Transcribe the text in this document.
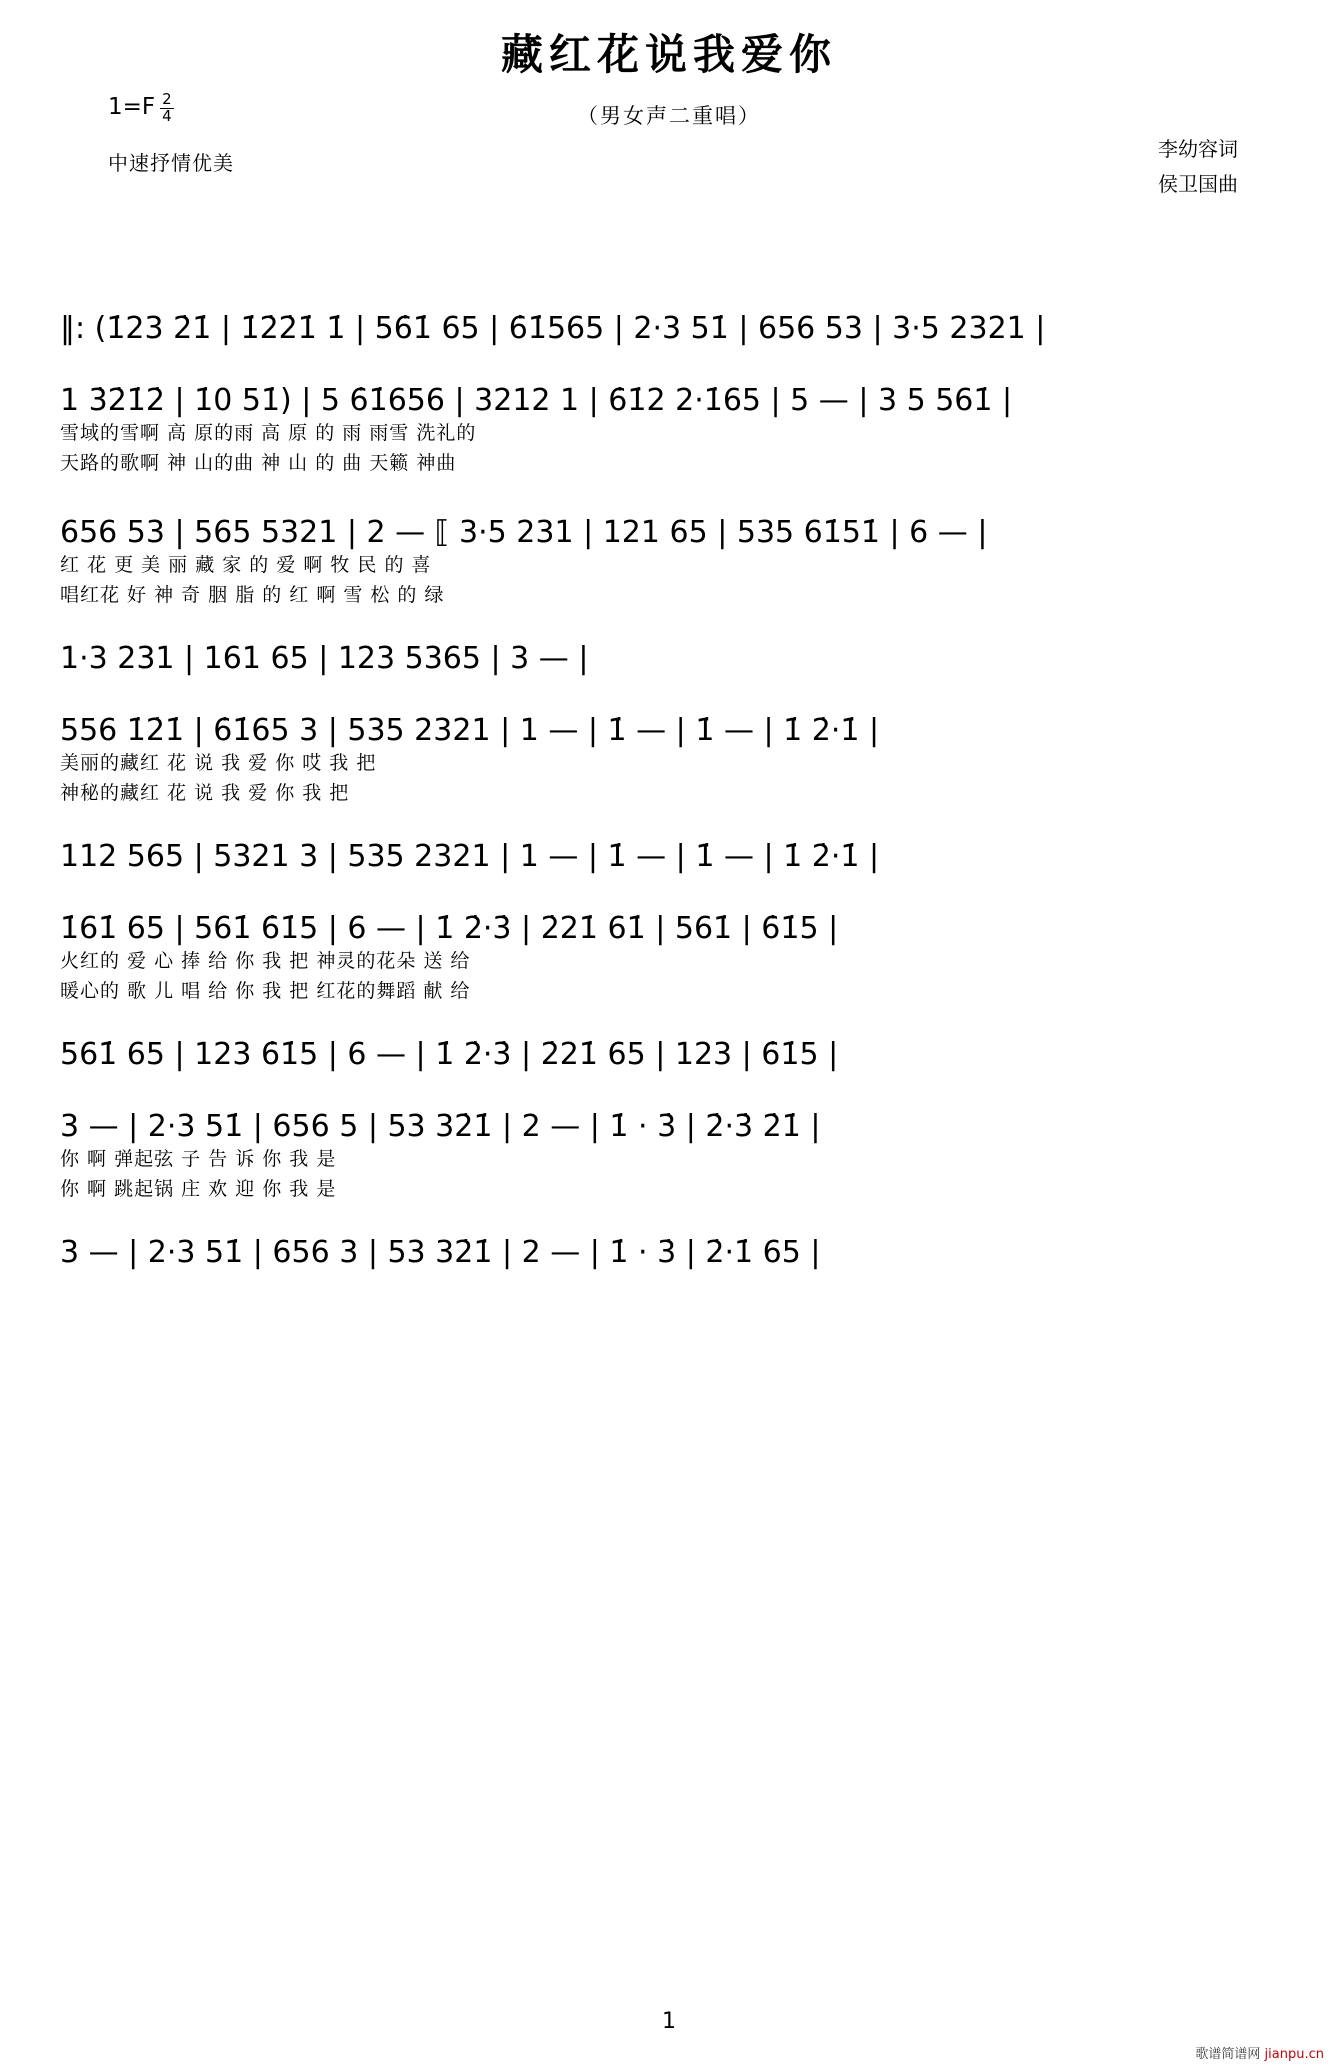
藏红花说我爱你
（男女声二重唱）
$1=F \frac{2}{4}$
中速抒情优美
李幼容词
侯卫国曲
‖: (1̇23 2̇1̇ | 1̇2̇2̇1̇ 1̇ | 56̇1̇ 65 | 6̇1̇565 | 2·3 51̇ | 656 53 | 3·5 2321 |
1 3̇2̇1̇2̇ | 1̇0 51̇) | 5 6̇1̇656 | 3212 1 | 6̇1̇2 2·1̇65 | 5 — | 3 5 561̇ |
雪域的雪啊 高 原的雨 高 原 的 雨 雨雪 洗礼的
天路的歌啊 神 山的曲 神 山 的 曲 天籁 神曲
656 53 | 565 5321 | 2 — ⟦ 3·5 231 | 121 65 | 535 61̇51̇ | 6 — |
红 花 更 美 丽 藏 家 的 爱 啊 牧 民 的 喜
唱红花 好 神 奇 胭 脂 的 红 啊 雪 松 的 绿
1·3 231 | 161 65 | 123 5365 | 3 — |
556 1̇2̇1̇ | 6̇1̇65 3 | 535 2321 | 1 — | 1̇ — | 1̇ — | 1̇ 2̇·1̇ |
美丽的藏红 花 说 我 爱 你 哎 我 把
神秘的藏红 花 说 我 爱 你 我 把
112 565 | 5321 3 | 535 2321 | 1 — | 1̇ — | 1̇ — | 1̇ 2̇·1̇ |
1̇61̇ 65 | 561̇ 6̇1̇5 | 6 — | 1̇ 2̇·3̇ | 2̇21̇ 61̇ | 561̇ | 6̇1̇5 |
火红的 爱 心 捧 给 你 我 把 神灵的花朵 送 给
暖心的 歌 儿 唱 给 你 我 把 红花的舞蹈 献 给
561̇ 65 | 123 6̇1̇5 | 6 — | 1̇ 2̇·3̇ | 2̇21̇ 65 | 123 | 6̇1̇5 |
3 — | 2·3 51̇ | 656 5 | 53 32̇1̇ | 2 — | 1̇ · 3̇ | 2̇·3̇ 2̇1̇ |
你 啊 弹起弦 子 告 诉 你 我 是
你 啊 跳起锅 庄 欢 迎 你 我 是
3 — | 2·3 51̇ | 656 3 | 53 32̇1̇ | 2 — | 1̇ · 3̇ | 2̇·1̇ 65 |
1
歌谱简谱网 jianpu.cn
